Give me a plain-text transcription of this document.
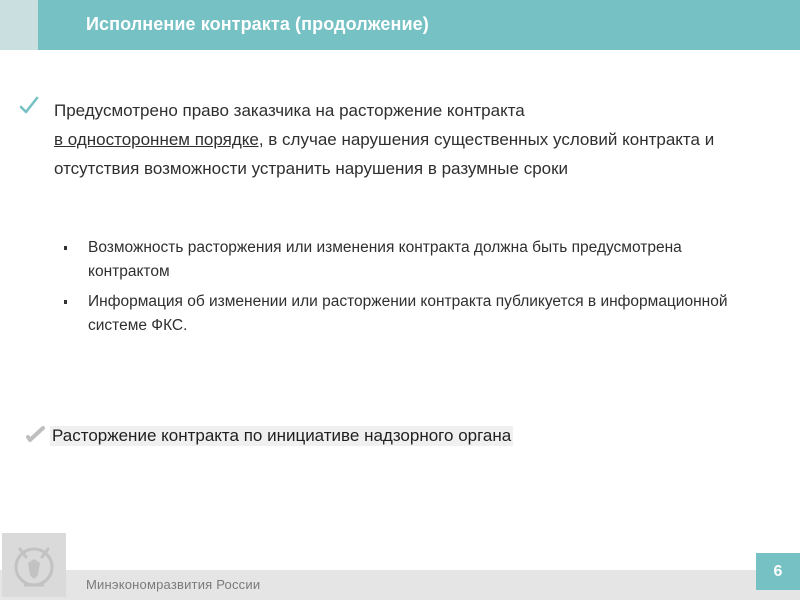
Исполнение контракта (продолжение)

Предусмотрено право заказчика на расторжение контракта
в одностороннем порядке, в случае нарушения существенных условий контракта и отсутствия возможности устранить нарушения в разумные сроки

Возможность расторжения или изменения контракта должна быть предусмотрена контрактом
Информация об изменении или расторжении контракта публикуется в информационной системе ФКС.

Расторжение контракта по инициативе надзорного органа

Минэкономразвития России
6
